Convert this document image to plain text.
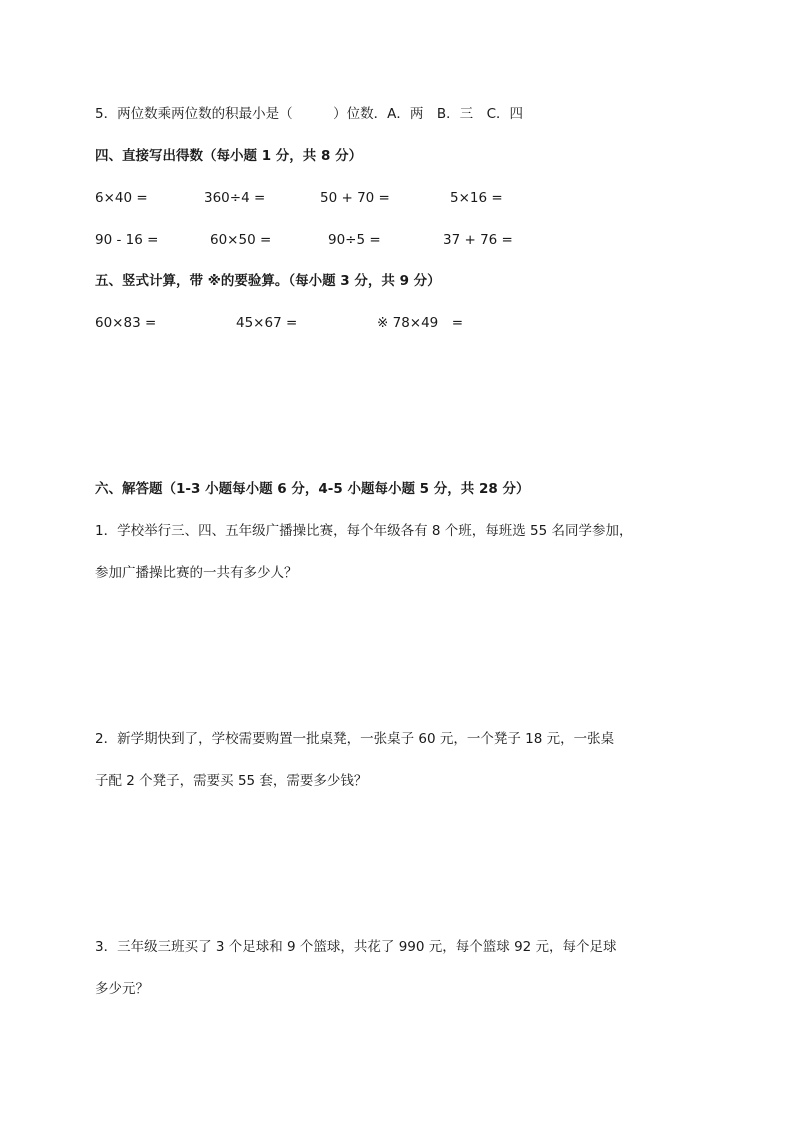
5．两位数乘两位数的积最小是（　　　）位数．A．两　B．三　C．四
四、直接写出得数（每小题 1 分，共 8 分）
6×40 =	360÷4 =	50 + 70 =	5×16 =
90 - 16 =	60×50 =	90÷5 =	37 + 76 =
五、竖式计算，带 ※的要验算。（每小题 3 分，共 9 分）
60×83 =	45×67 =	※ 78×49　=
六、解答题（1-3 小题每小题 6 分，4-5 小题每小题 5 分，共 28 分）
1．学校举行三、四、五年级广播操比赛，每个年级各有 8 个班，每班选 55 名同学参加，
参加广播操比赛的一共有多少人？
2．新学期快到了，学校需要购置一批桌凳，一张桌子 60 元，一个凳子 18 元，一张桌
子配 2 个凳子，需要买 55 套，需要多少钱？
3．三年级三班买了 3 个足球和 9 个篮球，共花了 990 元，每个篮球 92 元，每个足球
多少元？
